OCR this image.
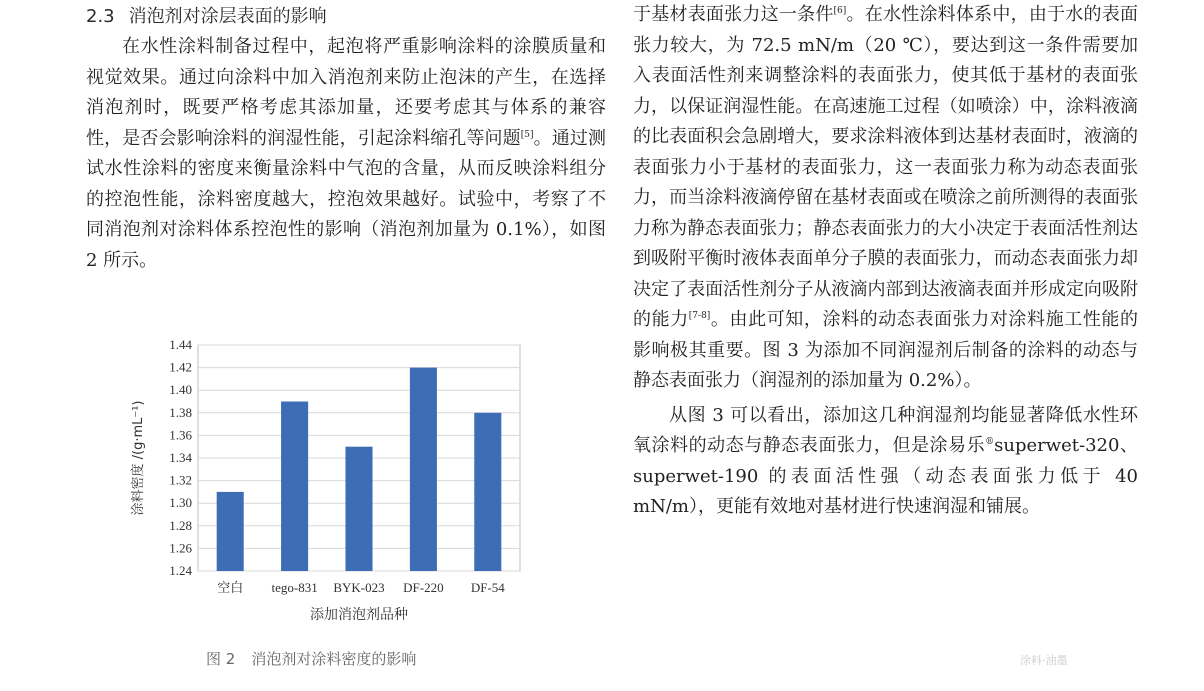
2.3 消泡剂对涂层表面的影响

在水性涂料制备过程中，起泡将严重影响涂料的涂膜质量和视觉效果。通过向涂料中加入消泡剂来防止泡沫的产生，在选择消泡剂时，既要严格考虑其添加量，还要考虑其与体系的兼容性，是否会影响涂料的润湿性能，引起涂料缩孔等问题[5]。通过测试水性涂料的密度来衡量涂料中气泡的含量，从而反映涂料组分的控泡性能，涂料密度越大，控泡效果越好。试验中，考察了不同消泡剂对涂料体系控泡性的影响（消泡剂加量为 0.1%），如图 2 所示。

1.24
1.26
1.28
1.30
1.32
1.34
1.36
1.38
1.40
1.42
1.44
空白 tego-831 BYK-023 DF-220 DF-54
添加消泡剂品种
涂料密度 /(g·mL⁻¹)
图 2 消泡剂对涂料密度的影响

于基材表面张力这一条件[6]。在水性涂料体系中，由于水的表面张力较大，为 72.5 mN/m（20 ℃），要达到这一条件需要加入表面活性剂来调整涂料的表面张力，使其低于基材的表面张力，以保证润湿性能。在高速施工过程（如喷涂）中，涂料液滴的比表面积会急剧增大，要求涂料液体到达基材表面时，液滴的表面张力小于基材的表面张力，这一表面张力称为动态表面张力，而当涂料液滴停留在基材表面或在喷涂之前所测得的表面张力称为静态表面张力；静态表面张力的大小决定于表面活性剂达到吸附平衡时液体表面单分子膜的表面张力，而动态表面张力却决定了表面活性剂分子从液滴内部到达液滴表面并形成定向吸附的能力[7-8]。由此可知，涂料的动态表面张力对涂料施工性能的影响极其重要。图 3 为添加不同润湿剂后制备的涂料的动态与静态表面张力（润湿剂的添加量为 0.2%）。

从图 3 可以看出，添加这几种润湿剂均能显著降低水性环氧涂料的动态与静态表面张力，但是涂易乐®superwet-320、superwet-190 的表面活性强（动态表面张力低于 40 mN/m），更能有效地对基材进行快速润湿和铺展。

涂料·油墨
